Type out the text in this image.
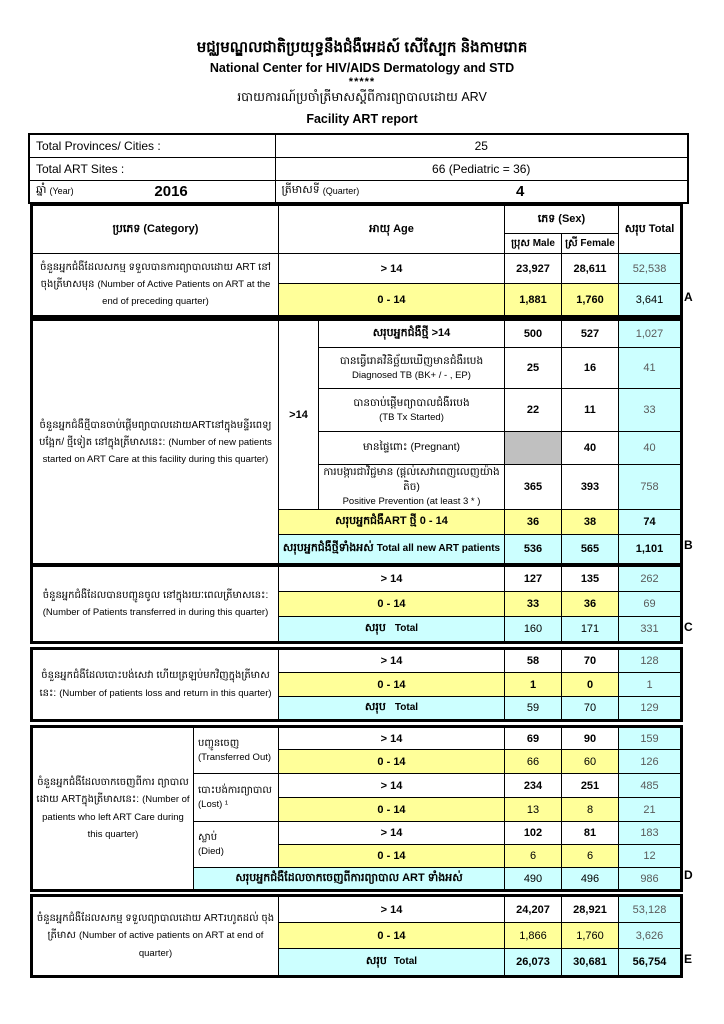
មជ្ឈមណ្ឌលជាតិប្រយុទ្ធនឹងជំងឺអេដស៍ សើស្បែក និងកាមរោគ
National Center for HIV/AIDS Dermatology and STD
*****
របាយការណ៍ប្រចាំត្រីមាសស្តីពីការព្យាបាលដោយ ARV
Facility ART report
Total Provinces/ Cities :	25
Total ART Sites :	66 (Pediatric = 36)

ឆ្នាំ (Year) 2016	ត្រីមាសទី (Quarter) 4
ប្រភេទ (Category)	អាយុ Age	ភេទ (Sex)		សរុប Total
		ប្រុស Male	ស្រី Female	
ចំនួនអ្នកជំងឺដែលសកម្ម ទទួលបានការព្យាបាលដោយ ART នៅ ចុងត្រីមាសមុន (Number of Active Patients on ART at the end of preceding quarter)	> 14	23,927	28,611	52,538
	0 - 14	1,881	1,760	3,641 A
ចំនួនអ្នកជំងឺថ្មីបានចាប់ផ្តើមព្យាបាលដោយARTនៅក្នុងមន្ទីរពេទ្យបង្អែក/ ថ្មីទៀត នៅក្នុងត្រីមាសនេះ: (Number of new patients started on ART Care at this facility during this quarter)	>14	សរុបអ្នកជំងឺថ្មី >14	500	527	1,027

		បានធ្វើរោគវិនិច្ឆ័យឃើញមានជំងឺរបេង
Diagnosed TB (BK+ / - , EP)	25	16	41

		បានចាប់ផ្តើមព្យាបាលជំងឺរបេង
(TB Tx Started)	22	11	33

		មានផ្ទៃពោះ (Pregnant)		40	40

		ការបង្ការជាវិជ្ជមាន (ផ្តល់សេវាពេញលេញយ៉ាងតិច)
Positive Prevention (at least 3 * )	365	393	758
	សរុបអ្នកជំងឺART ថ្មី 0 - 14		36	38	74
	សរុបអ្នកជំងឺថ្មីទាំងអស់ Total all new ART patients		536	565	1,101 B
ចំនួនអ្នកជំងឺដែលបានបញ្ជូនចូល នៅក្នុងរយៈពេលត្រីមាសនេះ: (Number of Patients transferred in during this quarter)	> 14	127	135	262
	0 - 14	33	36	69
	សរុប Total	160	171	331 C
ចំនួនអ្នកជំងឺដែលបោះបង់សេវា ហើយត្រឡប់មកវិញក្នុងត្រីមាសនេះ: (Number of patients loss and return in this quarter)	> 14	58	70	128
	0 - 14	1	0	1
	សរុប Total	59	70	129
ចំនួនអ្នកជំងឺដែលចាកចេញពីការ ព្យាបាល ដោយ ARTក្នុងត្រីមាសនេះ: (Number of patients who left ART Care during this quarter)	បញ្ជូនចេញ
(Transferred Out)	> 14	69	90	159
		0 - 14	66	60	126

	បោះបង់ការព្យាបាល
(Lost) ¹	> 14	234	251	485
		0 - 14	13	8	21

	ស្លាប់
(Died)	> 14	102	81	183
		0 - 14	6	6	12
	សរុបអ្នកជំងឺដែលចាកចេញពីការព្យាបាល ART ទាំងអស់		490	496	986 D
ចំនួនអ្នកជំងឺដែលសកម្ម ទទួលព្យាបាលដោយ ARTរហូតដល់ ចុងត្រីមាស (Number of active patients on ART at end of quarter)	> 14	24,207	28,921	53,128
	0 - 14	1,866	1,760	3,626
	សរុប Total	26,073	30,681	56,754 E
